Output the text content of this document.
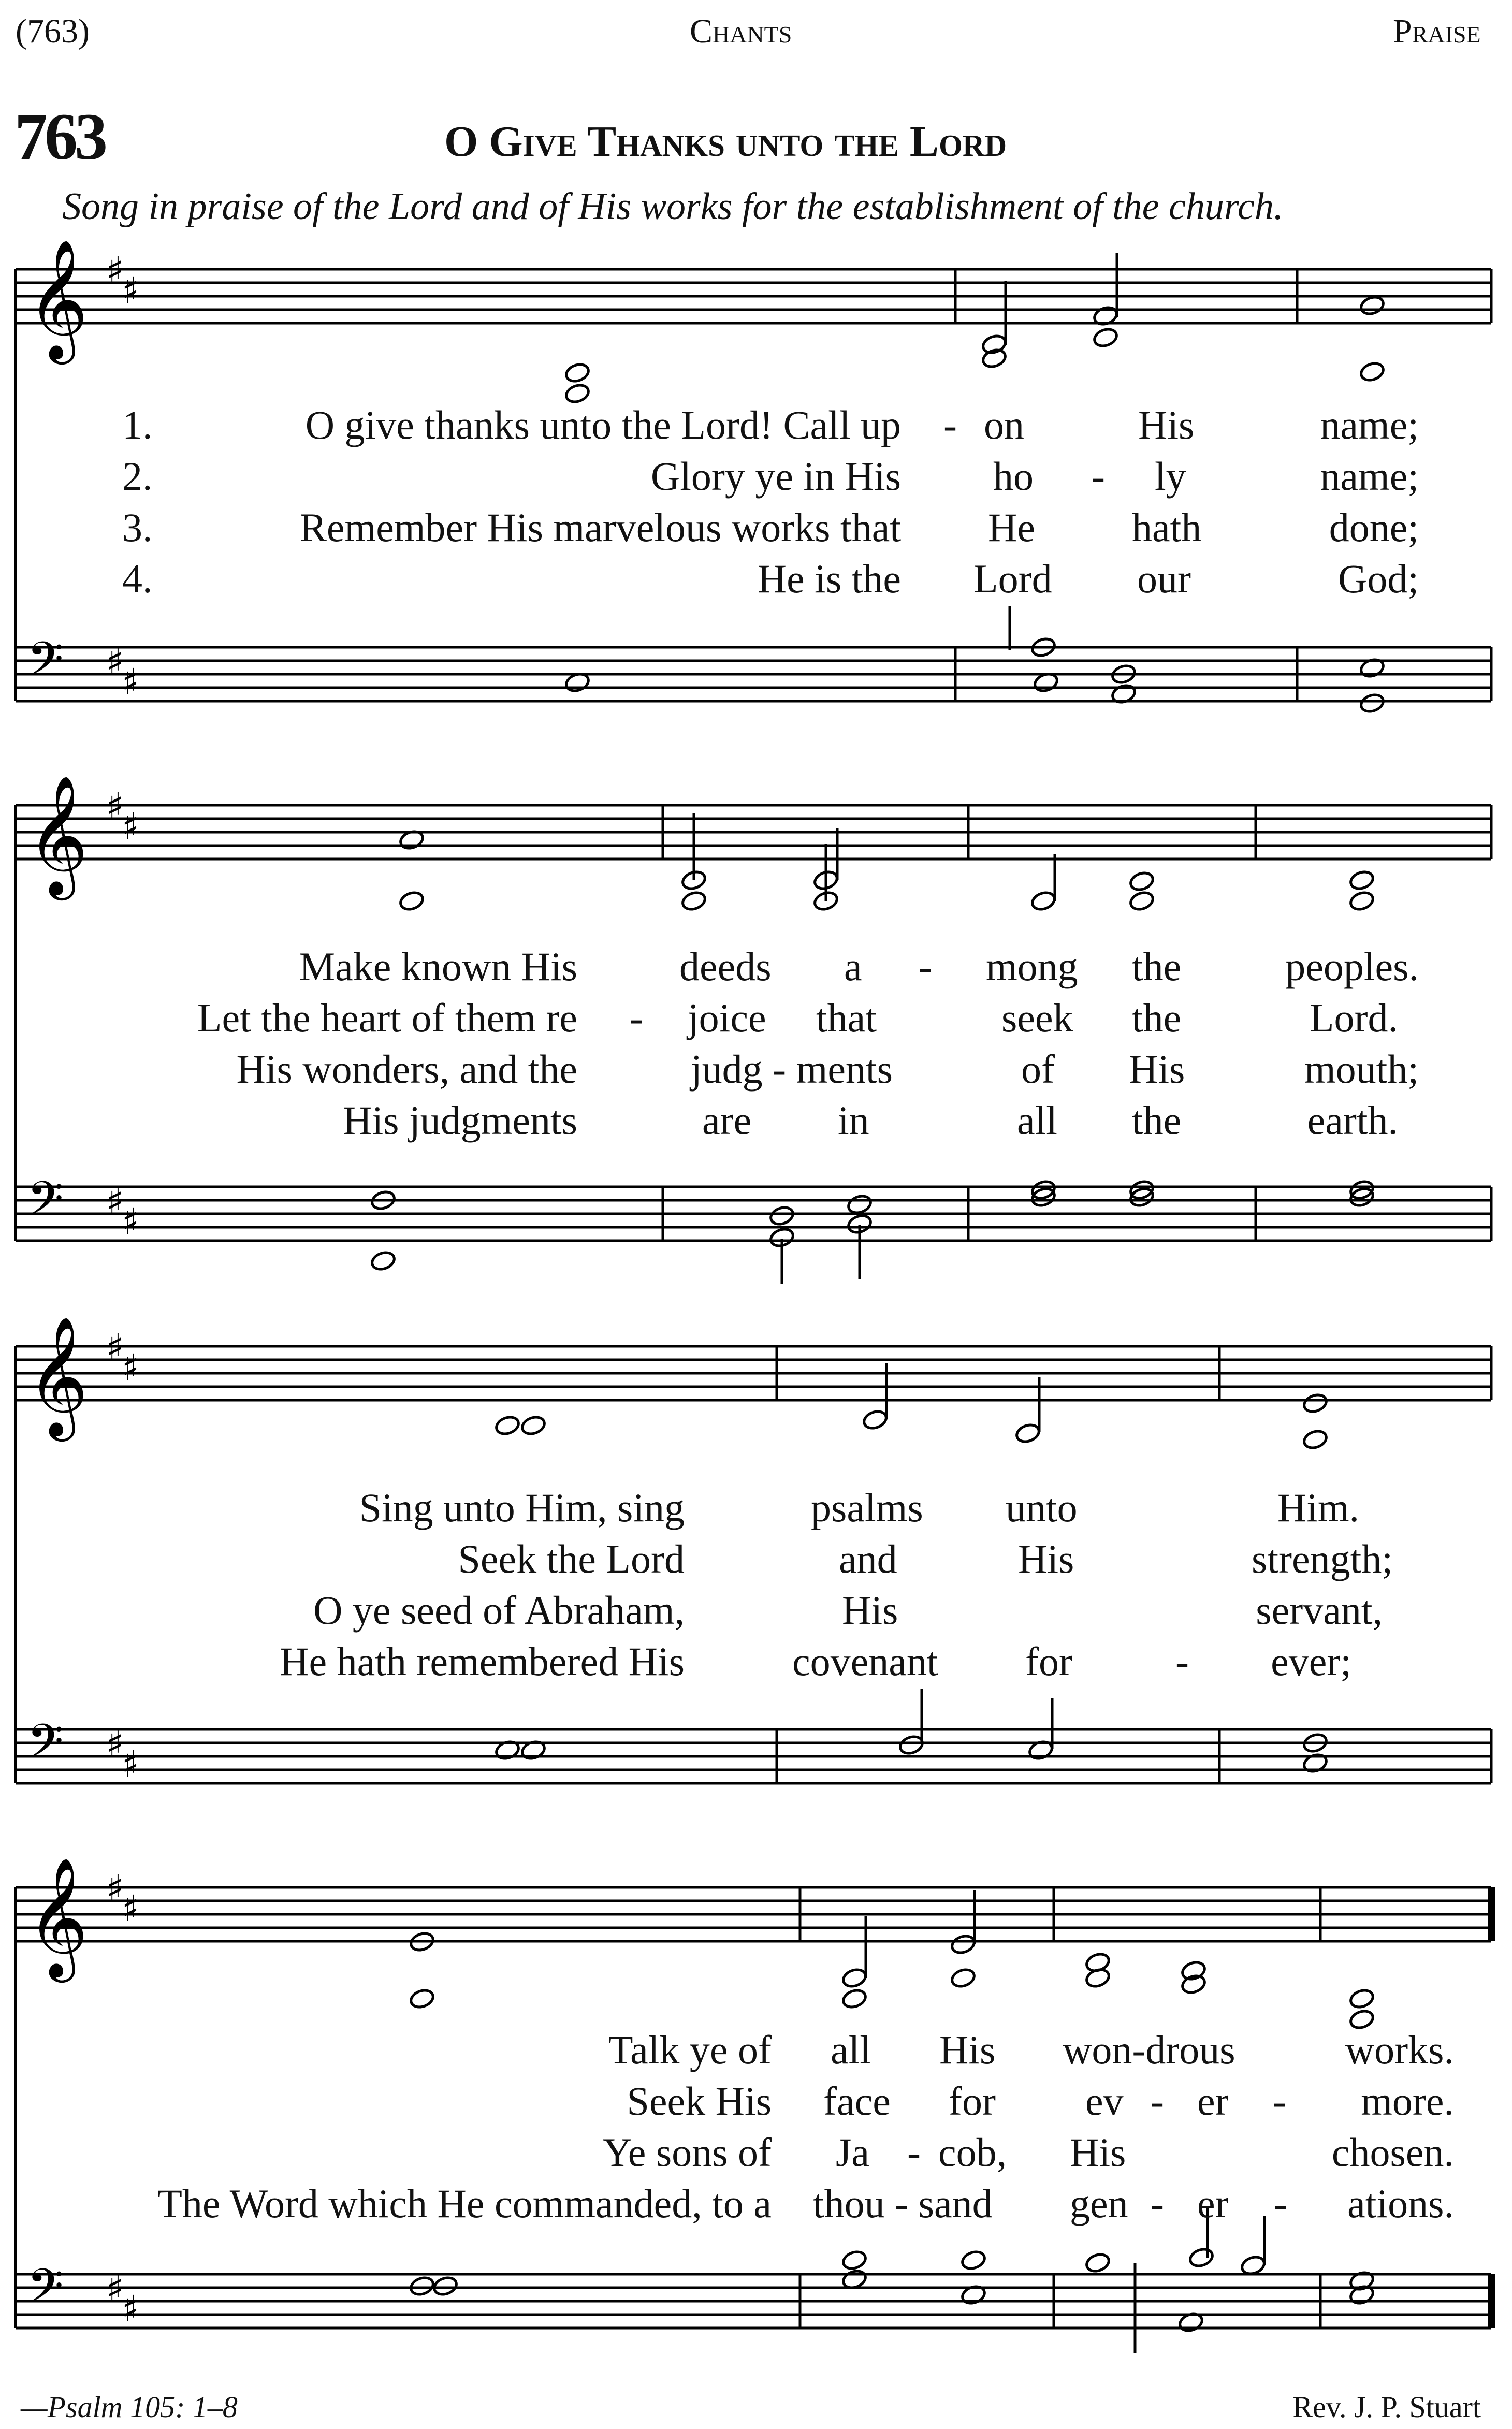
(763)	Chants	Praise
763	O Give Thanks unto the Lord
Song in praise of the Lord and of His works for the establishment of the church.
𝄞 ♯
♯
𝄢 ♯
♯
𝄞 ♯
♯
𝄢 ♯
♯
𝄞 ♯
♯
𝄢 ♯
♯
𝄞 ♯
♯
𝄢 ♯
♯
1.
2.
3.
4.
O give thanks unto the Lord! Call up - on	His	name;
Glory ye in His ho - ly	name;
Remember His marvelous works that He hath	done;
He is the Lord our	God;
Make known His	deeds a - mong the	peoples.
Let the heart of them re - joice that	seek the	Lord.
His wonders, and the	judg - ments	of His	mouth;
His judgments	are in	all the	earth.
Sing unto Him, sing	psalms unto	Him.
Seek the Lord	and	His	strength;
O ye seed of Abraham,	His	servant,
He hath remembered His	covenant for	- ever;
Talk ye of all His won-drous	works.
Seek His face for ev - er - more.
Ye sons of Ja - cob, His	chosen.
The Word which He commanded, to a thou - sand gen - er - ations.
—Psalm 105: 1–8	Rev. J. P. Stuart
